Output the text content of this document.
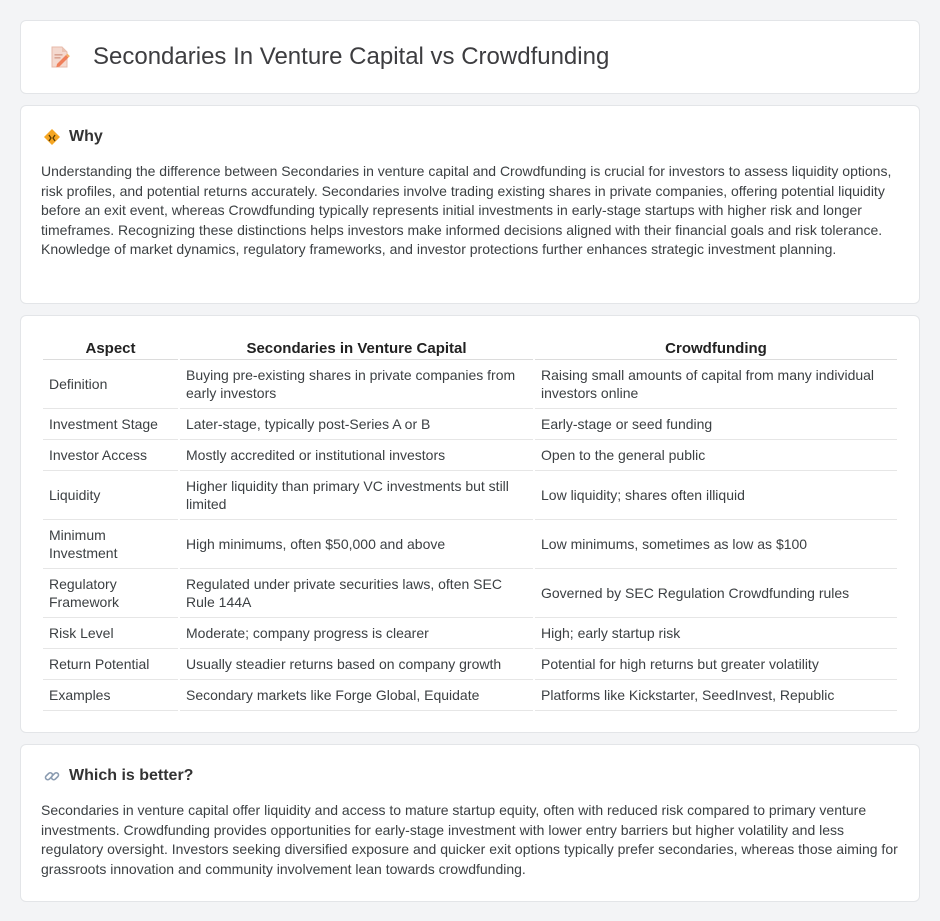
Secondaries In Venture Capital vs Crowdfunding
Why

Understanding the difference between Secondaries in venture capital and Crowdfunding is crucial for investors to assess liquidity options, risk profiles, and potential returns accurately. Secondaries involve trading existing shares in private companies, offering potential liquidity before an exit event, whereas Crowdfunding typically represents initial investments in early-stage startups with higher risk and longer timeframes. Recognizing these distinctions helps investors make informed decisions aligned with their financial goals and risk tolerance. Knowledge of market dynamics, regulatory frameworks, and investor protections further enhances strategic investment planning.

Aspect	Secondaries in Venture Capital	Crowdfunding
Definition	Buying pre-existing shares in private companies from early investors	Raising small amounts of capital from many individual investors online
Investment Stage	Later-stage, typically post-Series A or B	Early-stage or seed funding
Investor Access	Mostly accredited or institutional investors	Open to the general public
Liquidity	Higher liquidity than primary VC investments but still limited	Low liquidity; shares often illiquid
Minimum Investment	High minimums, often $50,000 and above	Low minimums, sometimes as low as $100
Regulatory Framework	Regulated under private securities laws, often SEC Rule 144A	Governed by SEC Regulation Crowdfunding rules
Risk Level	Moderate; company progress is clearer	High; early startup risk
Return Potential	Usually steadier returns based on company growth	Potential for high returns but greater volatility
Examples	Secondary markets like Forge Global, Equidate	Platforms like Kickstarter, SeedInvest, Republic
Which is better?

Secondaries in venture capital offer liquidity and access to mature startup equity, often with reduced risk compared to primary venture investments. Crowdfunding provides opportunities for early-stage investment with lower entry barriers but higher volatility and less regulatory oversight. Investors seeking diversified exposure and quicker exit options typically prefer secondaries, whereas those aiming for grassroots innovation and community involvement lean towards crowdfunding.
